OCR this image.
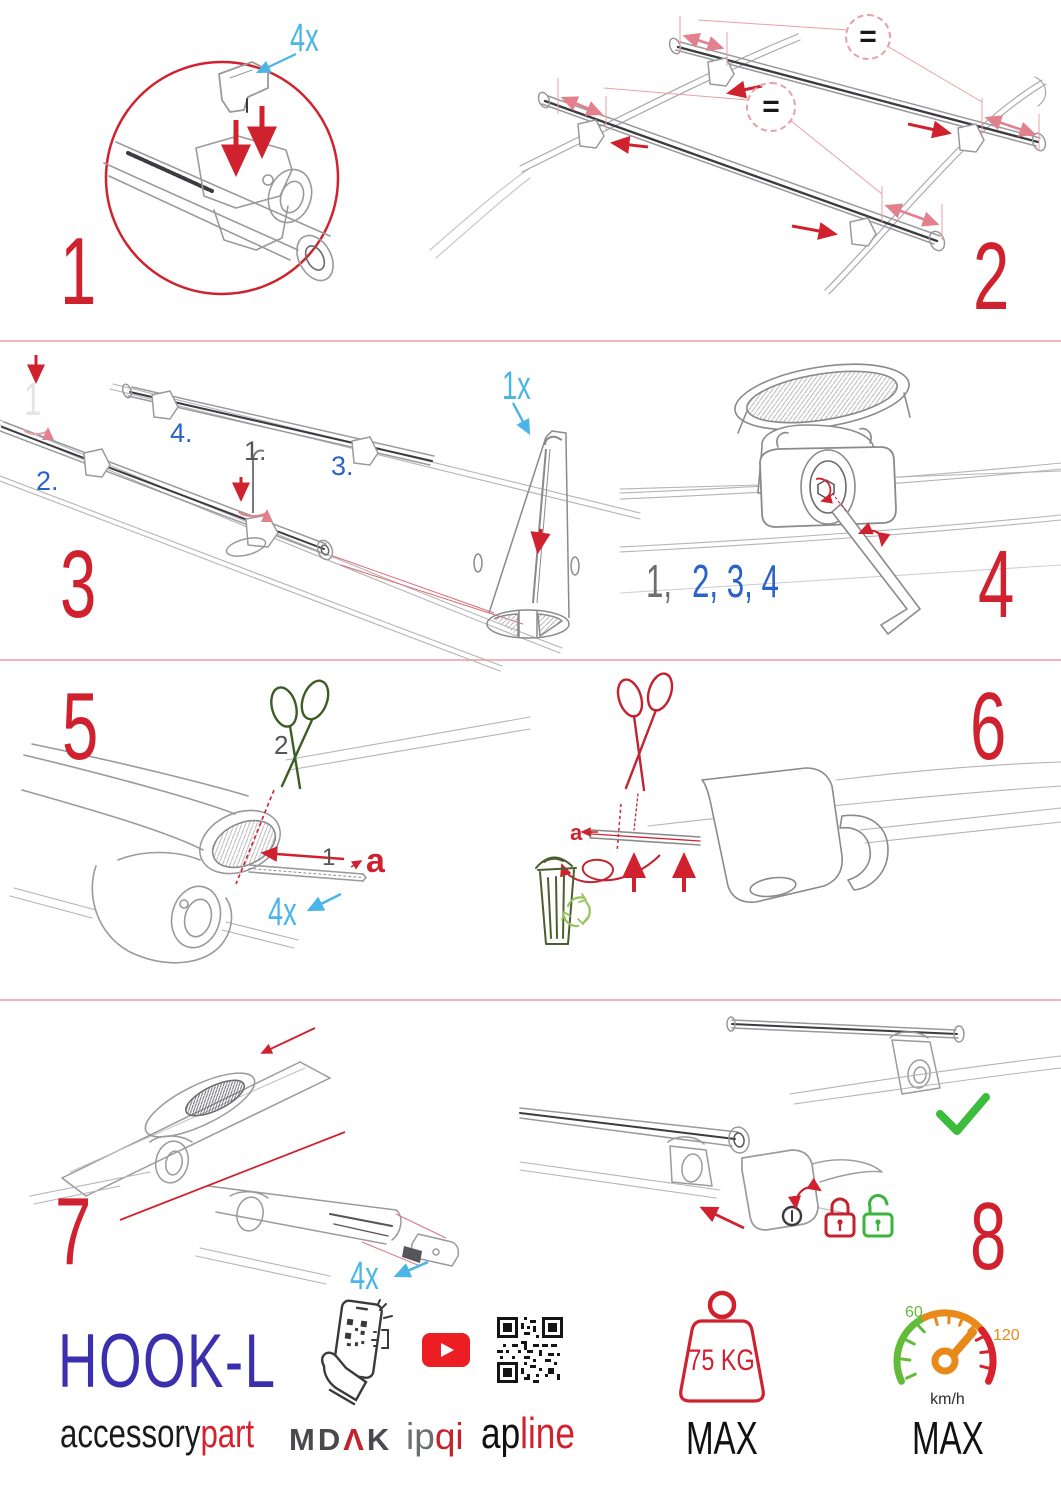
4x
1
=
=
2
1
1.
2.	3.
4.
1x
3	1, 2, 3, 4	4
2
1 a
4x
5
a
6
4x
7	8
HOOK-L
accessorypart	MDΛK ipqi apline
75 KG
MAX
60
120
km/h
MAX
